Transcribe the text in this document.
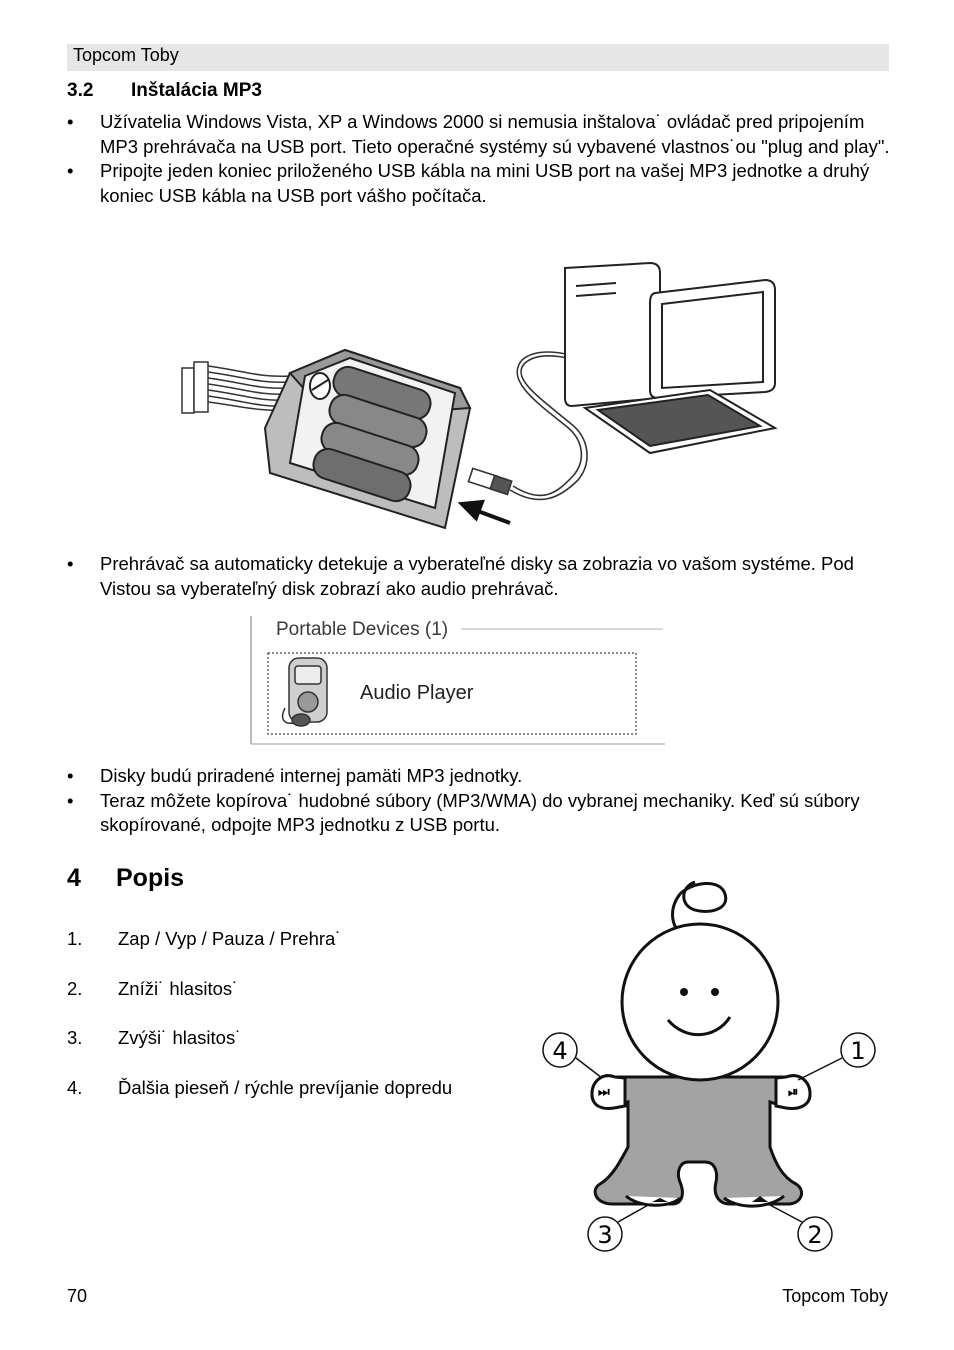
Topcom Toby
3.2 Inštalácia MP3
•	Užívatelia Windows Vista, XP a Windows 2000 si nemusia inštalova˙ ovládač pred pripojením MP3 prehrávača na USB port. Tieto operačné systémy sú vybavené vlastnos˙ou "plug and play".
•	Pripojte jeden koniec priloženého USB kábla na mini USB port na vašej MP3 jednotke a druhý koniec USB kábla na USB port vášho počítača.
•	Prehrávač sa automaticky detekuje a vyberateľné disky sa zobrazia vo vašom systéme. Pod Vistou sa vyberateľný disk zobrazí ako audio prehrávač.
Portable Devices (1)
Audio Player
•	Disky budú priradené internej pamäti MP3 jednotky.
•	Teraz môžete kopírova˙ hudobné súbory (MP3/WMA) do vybranej mechaniky. Keď sú súbory skopírované, odpojte MP3 jednotku z USB portu.
4 Popis
1. Zap / Vyp / Pauza / Prehra˙
2. Zníži˙ hlasitos˙
3. Zvýši˙ hlasitos˙
4. Ďalšia pieseň / rýchle prevíjanie dopredu	⏭	⏯
4	1
3	2
70	Topcom Toby
